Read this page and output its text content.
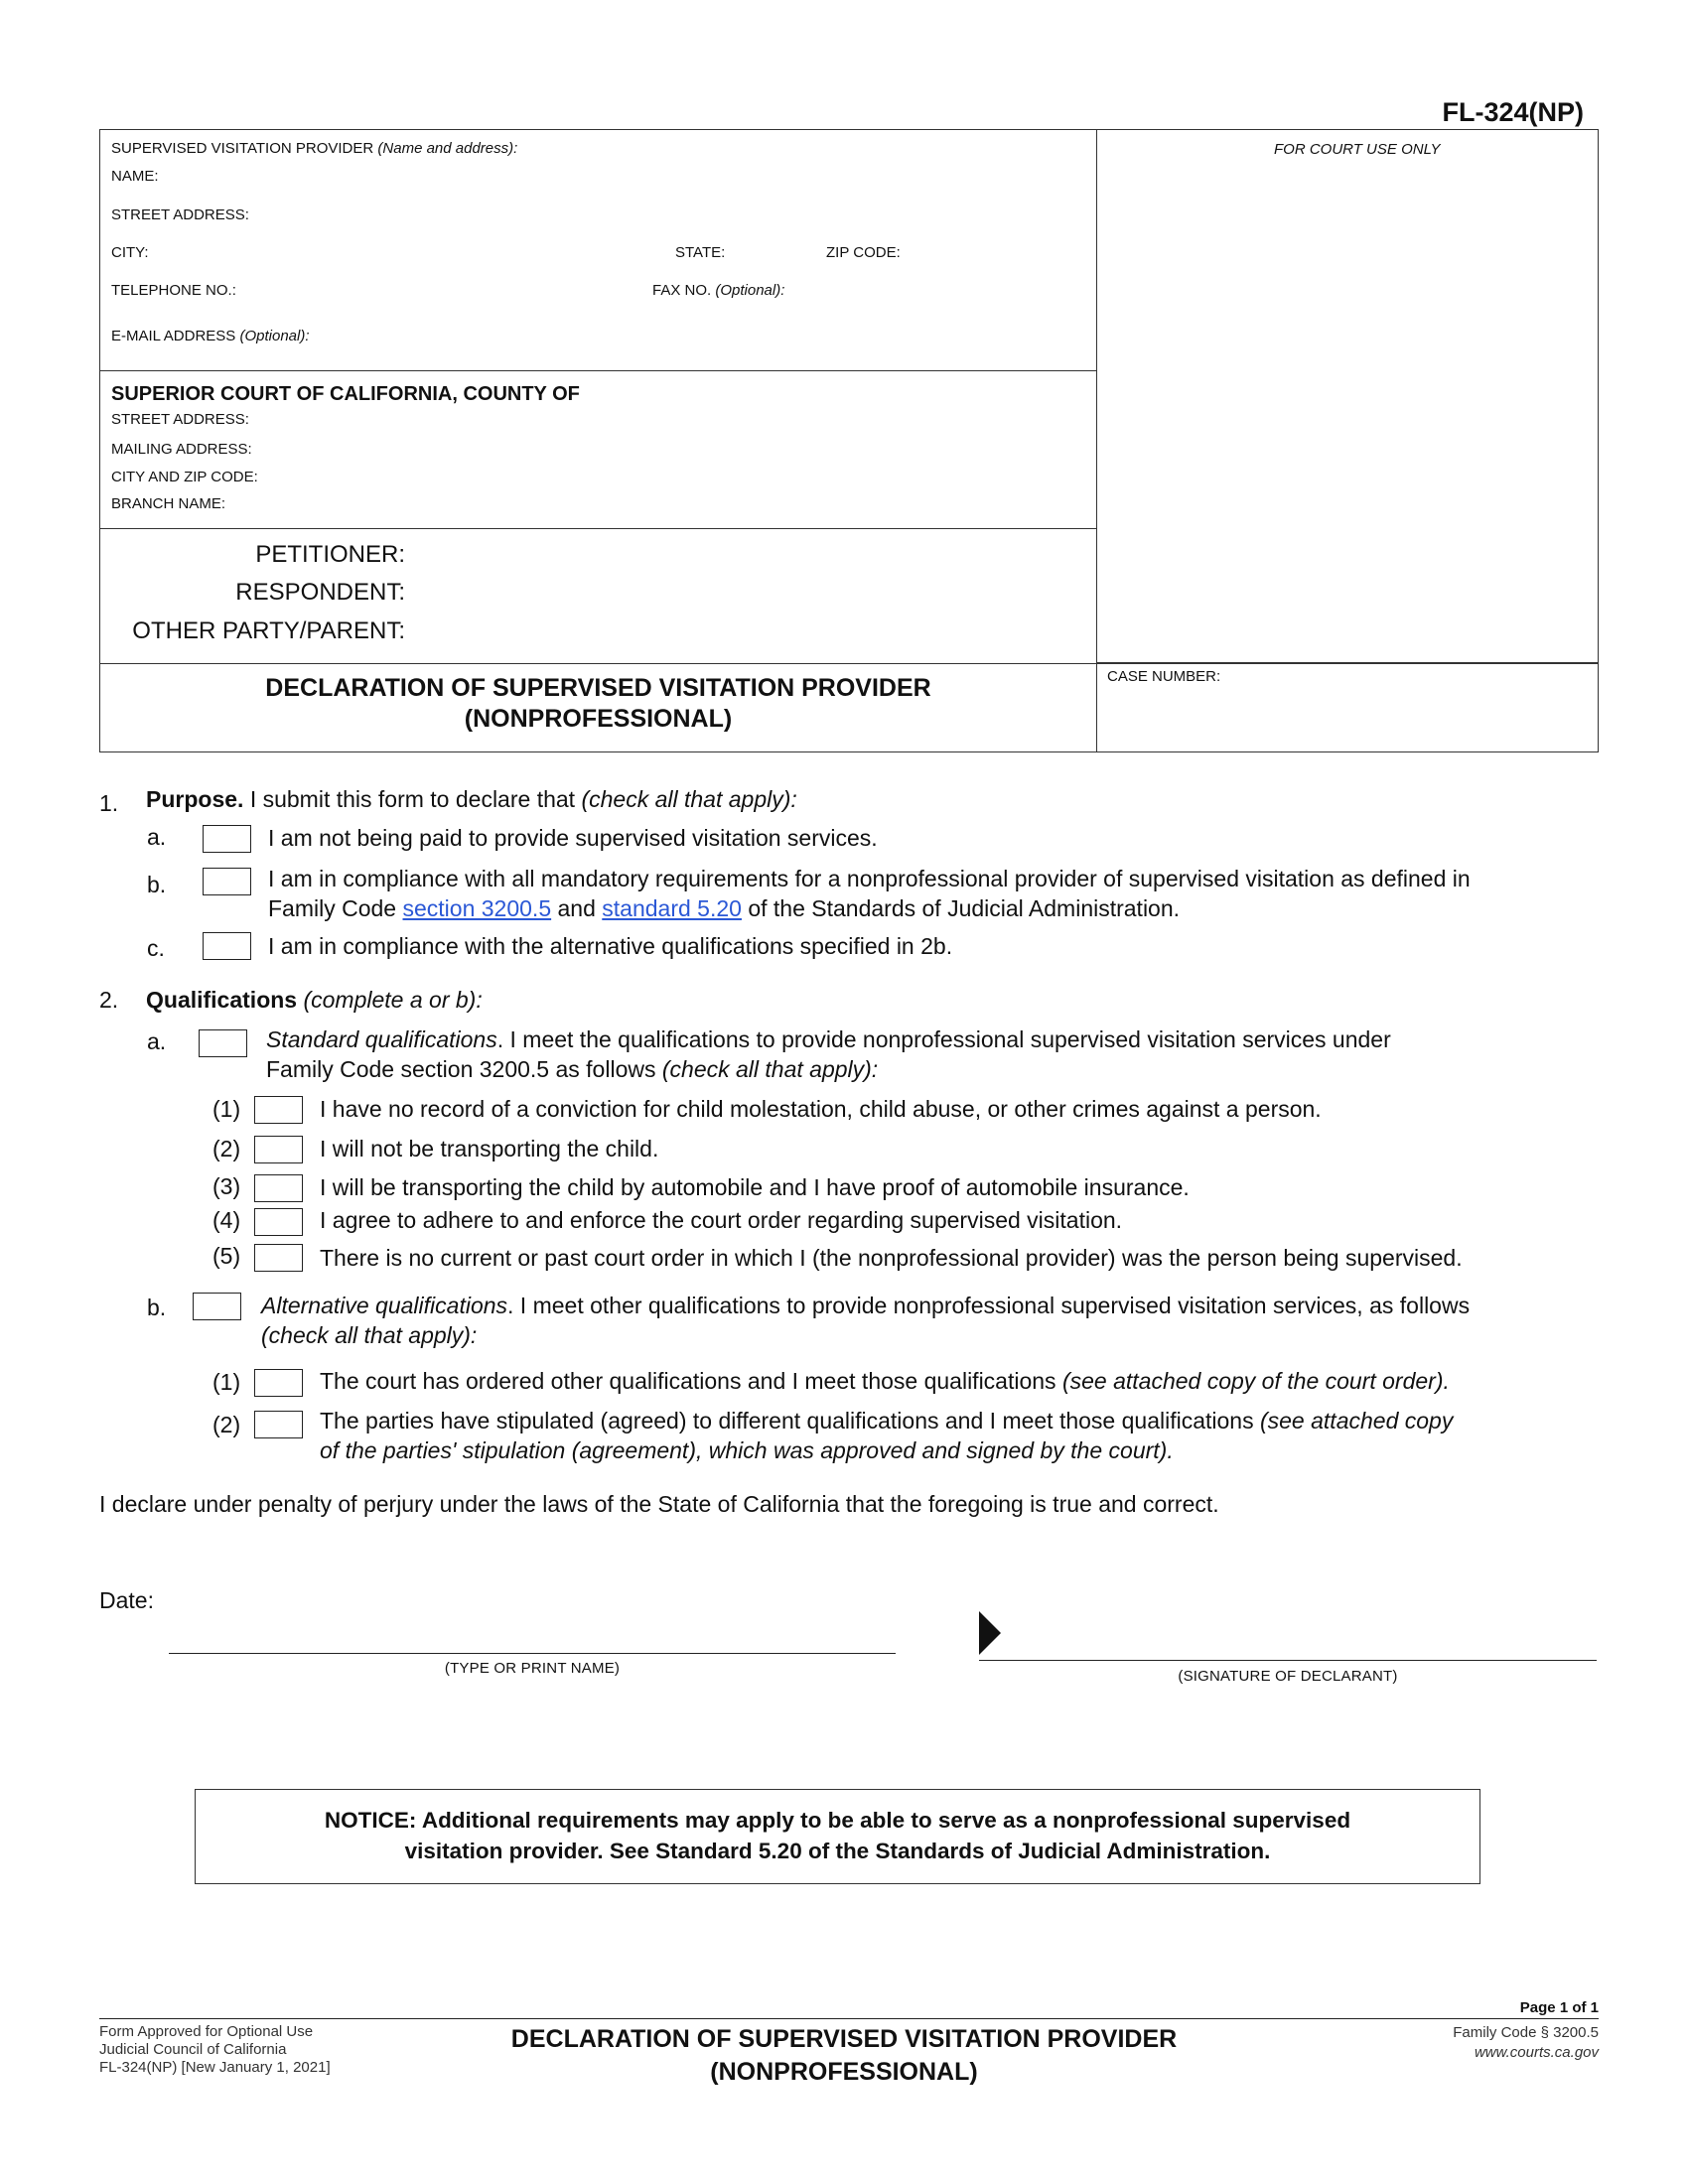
FL-324(NP)
SUPERVISED VISITATION PROVIDER (Name and address):
NAME:
STREET ADDRESS:
CITY:	STATE:	ZIP CODE:
TELEPHONE NO.:	FAX NO. (Optional):
E-MAIL ADDRESS (Optional):
FOR COURT USE ONLY
SUPERIOR COURT OF CALIFORNIA, COUNTY OF
STREET ADDRESS:
MAILING ADDRESS:
CITY AND ZIP CODE:
BRANCH NAME:
PETITIONER:
RESPONDENT:
OTHER PARTY/PARENT:
DECLARATION OF SUPERVISED VISITATION PROVIDER
(NONPROFESSIONAL)
CASE NUMBER:
1. Purpose. I submit this form to declare that (check all that apply):
a.	I am not being paid to provide supervised visitation services.
b.	I am in compliance with all mandatory requirements for a nonprofessional provider of supervised visitation as defined in
Family Code section 3200.5 and standard 5.20 of the Standards of Judicial Administration.
c.	I am in compliance with the alternative qualifications specified in 2b.
2. Qualifications (complete a or b):
a.	Standard qualifications. I meet the qualifications to provide nonprofessional supervised visitation services under
Family Code section 3200.5 as follows (check all that apply):
(1)	I have no record of a conviction for child molestation, child abuse, or other crimes against a person.
(2)	I will not be transporting the child.
(3)	I will be transporting the child by automobile and I have proof of automobile insurance.
(4)	I agree to adhere to and enforce the court order regarding supervised visitation.
(5)	There is no current or past court order in which I (the nonprofessional provider) was the person being supervised.
b.	Alternative qualifications. I meet other qualifications to provide nonprofessional supervised visitation services, as follows
(check all that apply):
(1)	The court has ordered other qualifications and I meet those qualifications (see attached copy of the court order).
(2)	The parties have stipulated (agreed) to different qualifications and I meet those qualifications (see attached copy
of the parties' stipulation (agreement), which was approved and signed by the court).
I declare under penalty of perjury under the laws of the State of California that the foregoing is true and correct.
Date:
(TYPE OR PRINT NAME)	(SIGNATURE OF DECLARANT)
NOTICE: Additional requirements may apply to be able to serve as a nonprofessional supervised
visitation provider. See Standard 5.20 of the Standards of Judicial Administration.
Page 1 of 1
Form Approved for Optional Use
Judicial Council of California
FL-324(NP) [New January 1, 2021]
DECLARATION OF SUPERVISED VISITATION PROVIDER
(NONPROFESSIONAL)
Family Code § 3200.5
www.courts.ca.gov
